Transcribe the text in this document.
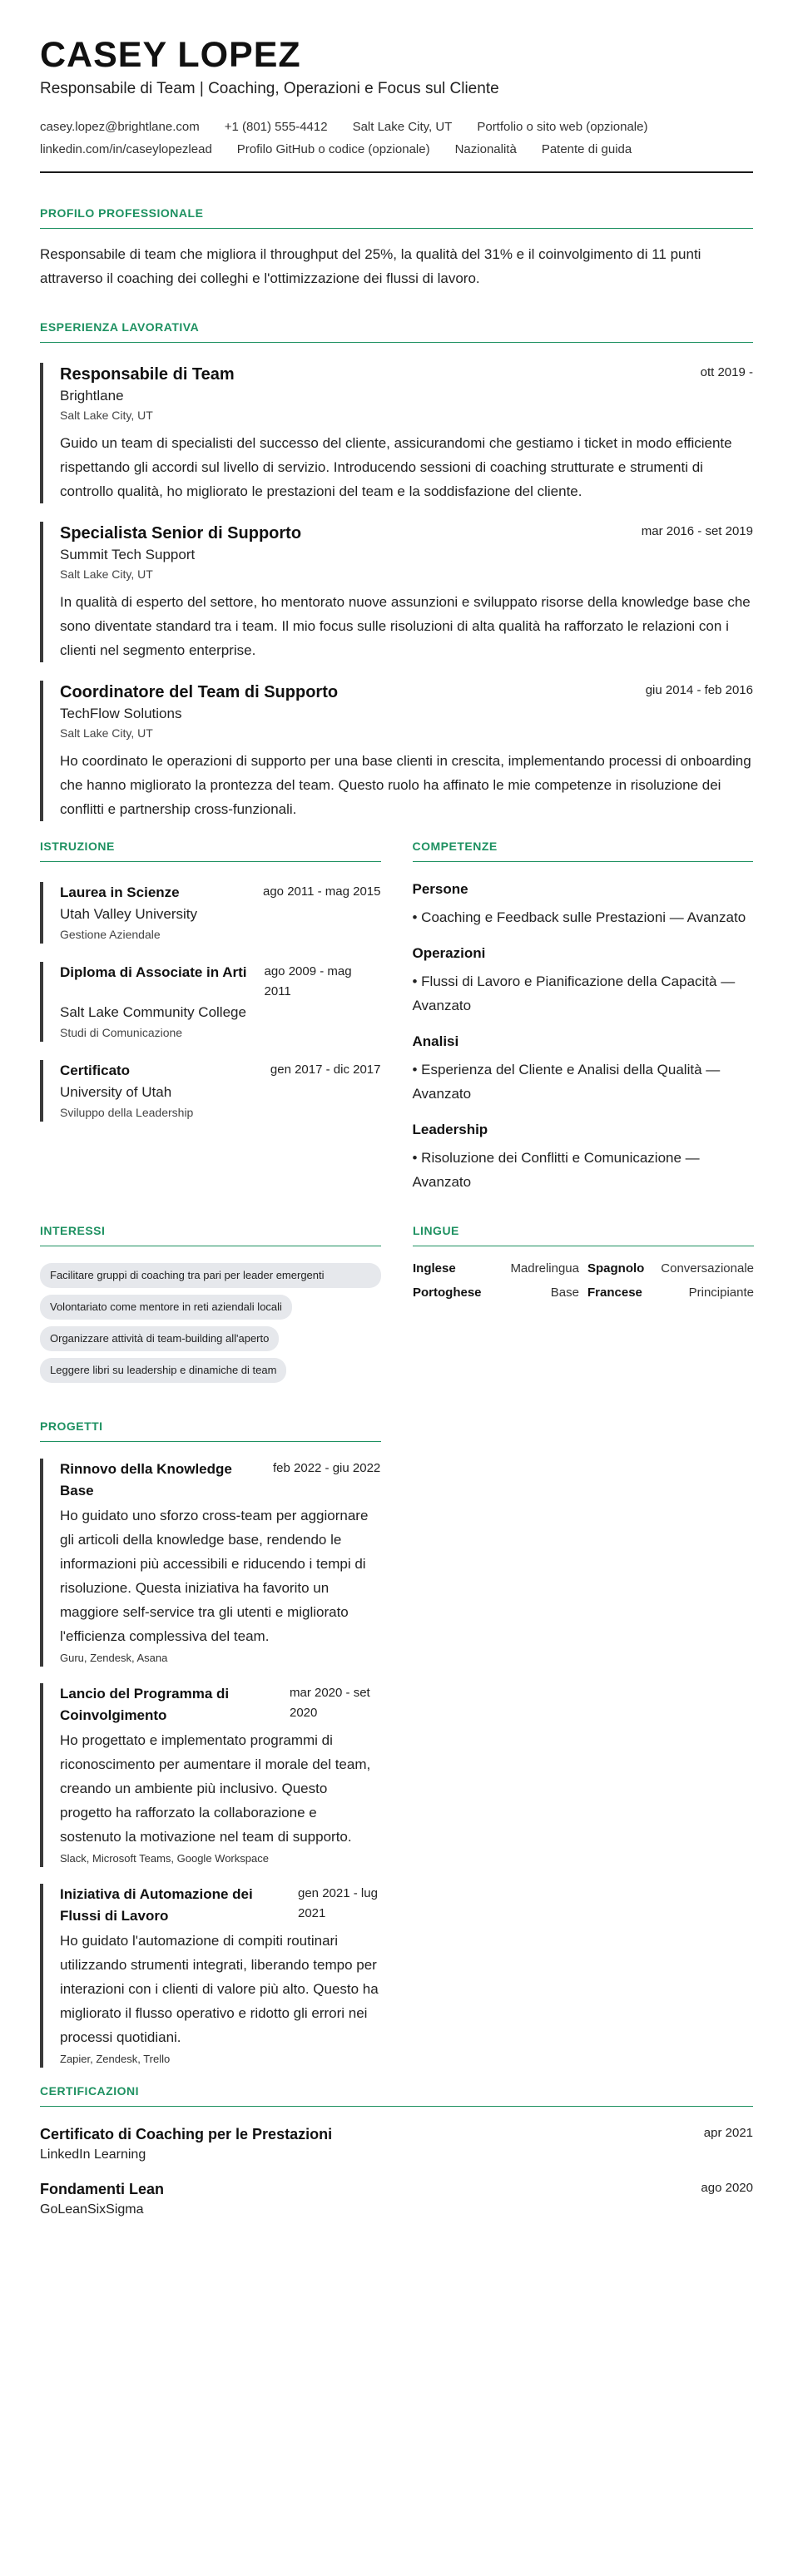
CASEY LOPEZ
Responsabile di Team | Coaching, Operazioni e Focus sul Cliente
casey.lopez@brightlane.com +1 (801) 555-4412 Salt Lake City, UT Portfolio o sito web (opzionale)
linkedin.com/in/caseylopezlead Profilo GitHub o codice (opzionale) Nazionalità Patente di guida
PROFILO PROFESSIONALE
Responsabile di team che migliora il throughput del 25%, la qualità del 31% e il coinvolgimento di 11 punti attraverso il coaching dei colleghi e l'ottimizzazione dei flussi di lavoro.
ESPERIENZA LAVORATIVA
Responsabile di Team	ott 2019 -
Brightlane
Salt Lake City, UT
Guido un team di specialisti del successo del cliente, assicurandomi che gestiamo i ticket in modo efficiente rispettando gli accordi sul livello di servizio. Introducendo sessioni di coaching strutturate e strumenti di controllo qualità, ho migliorato le prestazioni del team e la soddisfazione del cliente.
Specialista Senior di Supporto	mar 2016 - set 2019
Summit Tech Support
Salt Lake City, UT
In qualità di esperto del settore, ho mentorato nuove assunzioni e sviluppato risorse della knowledge base che sono diventate standard tra i team. Il mio focus sulle risoluzioni di alta qualità ha rafforzato le relazioni con i clienti nel segmento enterprise.
Coordinatore del Team di Supporto	giu 2014 - feb 2016
TechFlow Solutions
Salt Lake City, UT
Ho coordinato le operazioni di supporto per una base clienti in crescita, implementando processi di onboarding che hanno migliorato la prontezza del team. Questo ruolo ha affinato le mie competenze in risoluzione dei conflitti e partnership cross-funzionali.
ISTRUZIONE
Laurea in Scienze	ago 2011 - mag 2015
Utah Valley University
Gestione Aziendale
Diploma di Associate in Arti	ago 2009 - mag 2011
Salt Lake Community College
Studi di Comunicazione
Certificato	gen 2017 - dic 2017
University of Utah
Sviluppo della Leadership
COMPETENZE
Persone
• Coaching e Feedback sulle Prestazioni — Avanzato
Operazioni
• Flussi di Lavoro e Pianificazione della Capacità — Avanzato
Analisi
• Esperienza del Cliente e Analisi della Qualità — Avanzato
Leadership
• Risoluzione dei Conflitti e Comunicazione — Avanzato
INTERESSI
Facilitare gruppi di coaching tra pari per leader emergenti
Volontariato come mentore in reti aziendali locali
Organizzare attività di team-building all'aperto
Leggere libri su leadership e dinamiche di team
LINGUE
Inglese	Madrelingua Spagnolo	Conversazionale
Portoghese	Base Francese	Principiante
PROGETTI
Rinnovo della Knowledge Base
feb 2022 - giu 2022
Ho guidato uno sforzo cross-team per aggiornare gli articoli della knowledge base, rendendo le informazioni più accessibili e riducendo i tempi di risoluzione. Questa iniziativa ha favorito un maggiore self-service tra gli utenti e migliorato l'efficienza complessiva del team.
Guru, Zendesk, Asana
Lancio del Programma di Coinvolgimento
mar 2020 - set 2020
Ho progettato e implementato programmi di riconoscimento per aumentare il morale del team, creando un ambiente più inclusivo. Questo progetto ha rafforzato la collaborazione e sostenuto la motivazione nel team di supporto.
Slack, Microsoft Teams, Google Workspace
Iniziativa di Automazione dei Flussi di Lavoro
gen 2021 - lug 2021
Ho guidato l'automazione di compiti routinari utilizzando strumenti integrati, liberando tempo per interazioni con i clienti di valore più alto. Questo ha migliorato il flusso operativo e ridotto gli errori nei processi quotidiani.
Zapier, Zendesk, Trello
CERTIFICAZIONI
Certificato di Coaching per le Prestazioni	apr 2021
LinkedIn Learning
Fondamenti Lean	ago 2020
GoLeanSixSigma
